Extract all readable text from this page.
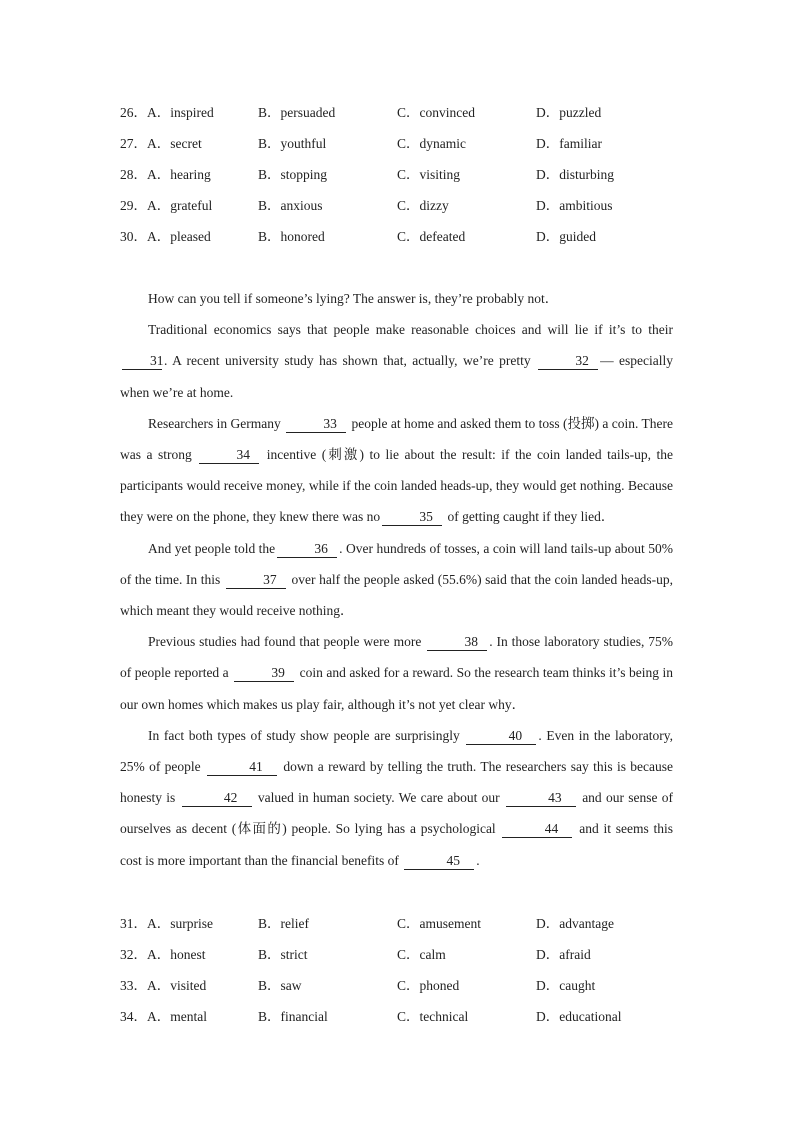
26．A．inspired	B．persuaded	C．convinced	D．puzzled
27．A．secret	B．youthful	C．dynamic	D．familiar
28．A．hearing	B．stopping	C．visiting	D．disturbing
29．A．grateful	B．anxious	C．dizzy	D．ambitious
30．A．pleased	B．honored	C．defeated	D．guided

How can you tell if someone’s lying? The answer is, they’re probably not．

Traditional economics says that people make reasonable choices and will lie if it’s to their 31. A recent university study has shown that, actually, we’re pretty	32 — especially when we’re at home.

Researchers in Germany	33 people at home and asked them to toss (投掷) a coin. There was a strong	34 incentive (刺激) to lie about the result: if the coin landed tails-up, the participants would receive money, while if the coin landed heads-up, they would get nothing. Because they were on the phone, they knew there was no	35 of getting caught if they lied．

And yet people told the	36 . Over hundreds of tosses, a coin will land tails-up about 50% of the time. In this	37 over half the people asked (55.6%) said that the coin landed heads-up, which meant they would receive nothing．

Previous studies had found that people were more	38 . In those laboratory studies, 75% of people reported a	39 coin and asked for a reward. So the research team thinks it’s being in our own homes which makes us play fair, although it’s not yet clear why．

In fact both types of study show people are surprisingly	40 . Even in the laboratory, 25% of people	41 down a reward by telling the truth. The researchers say this is because honesty is	42 valued in human society. We care about our	43 and our sense of ourselves as decent (体面的) people. So lying has a psychological	44 and it seems this cost is more important than the financial benefits of	45 .

31．A．surprise	B．relief	C．amusement	D．advantage
32．A．honest	B．strict	C．calm	D．afraid
33．A．visited	B．saw	C．phoned	D．caught
34．A．mental	B．financial	C．technical	D．educational
